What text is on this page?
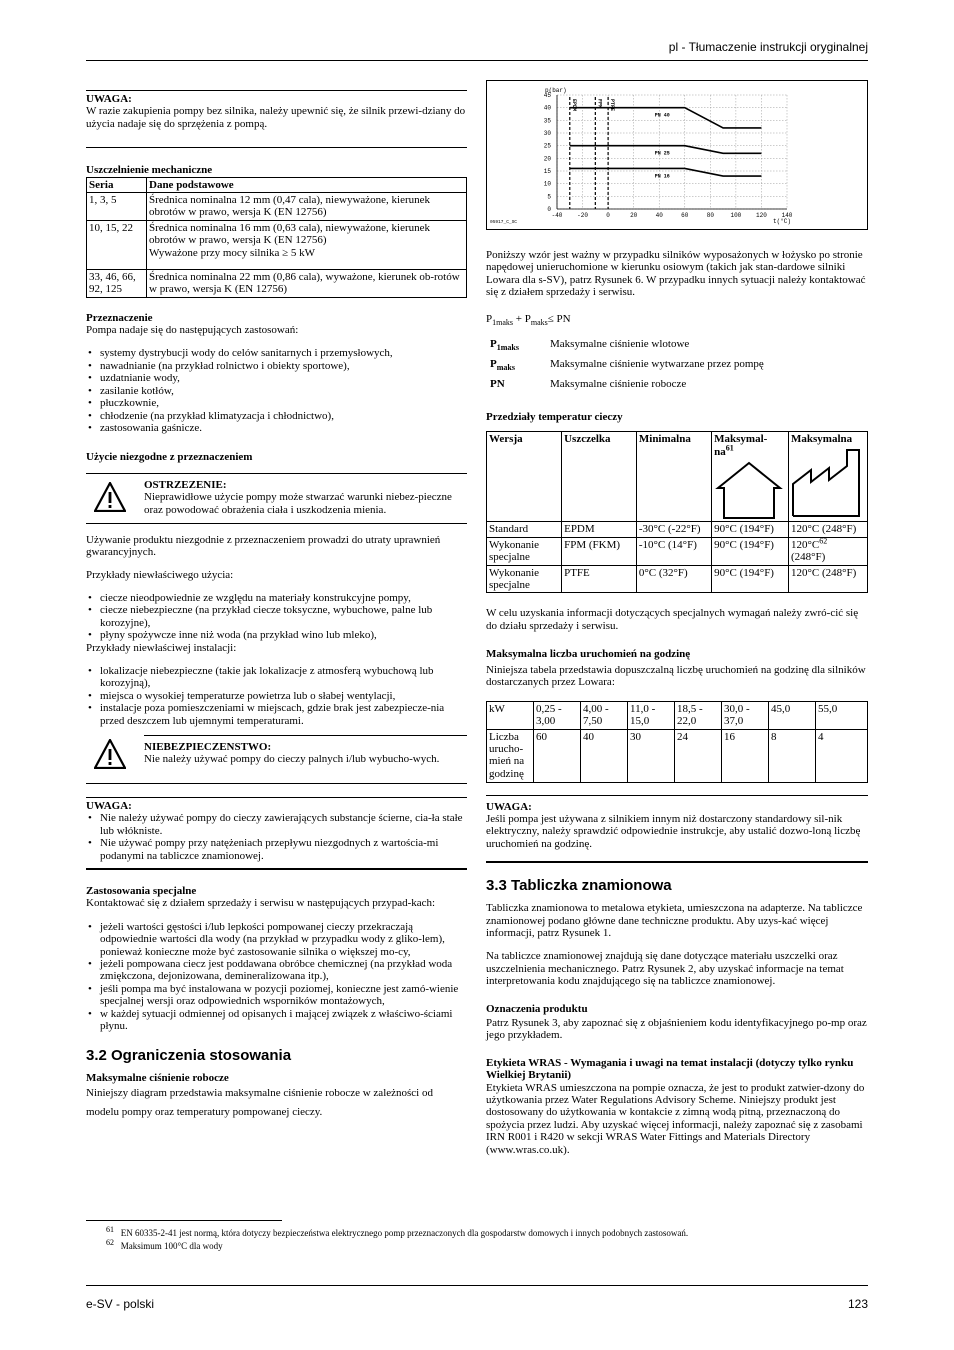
pl - Tłumaczenie instrukcji oryginalnej

UWAGA:

W razie zakupienia pompy bez silnika, należy upewnić się, że silnik przewi-dziany do użycia nadaje się do sprzężenia z pompą.

Uszczelnienie mechaniczne

Seria	Dane podstawowe
1, 3, 5	Średnica nominalna 12 mm (0,47 cala), niewyważone, kierunek obrotów w prawo, wersja K (EN 12756)
10, 15, 22	Średnica nominalna 16 mm (0,63 cala), niewyważone, kierunek obrotów w prawo, wersja K (EN 12756)
Wyważone przy mocy silnika ≥ 5 kW

33, 46, 66, 92, 125	Średnica nominalna 22 mm (0,86 cala), wyważone, kierunek ob-rotów w prawo, wersja K (EN 12756)

Przeznaczenie

Pompa nadaje się do następujących zastosowań:

• systemy dystrybucji wody do celów sanitarnych i przemysłowych,
• nawadnianie (na przykład rolnictwo i obiekty sportowe),
• uzdatnianie wody,
• zasilanie kotłów,
• płuczkownie,
• chłodzenie (na przykład klimatyzacja i chłodnictwo),
• zastosowania gaśnicze.

Użycie niezgodne z przeznaczeniem

OSTRZEZENIE:

Nieprawidłowe użycie pompy może stwarzać warunki niebez-pieczne oraz powodować obrażenia ciała i uszkodzenia mienia.

Używanie produktu niezgodnie z przeznaczeniem prowadzi do utraty uprawnień gwarancyjnych.

Przykłady niewłaściwego użycia:

• ciecze nieodpowiednie ze względu na materiały konstrukcyjne pompy,
• ciecze niebezpieczne (na przykład ciecze toksyczne, wybuchowe, palne lub korozyjne),
• płyny spożywcze inne niż woda (na przykład wino lub mleko),

Przykłady niewłaściwej instalacji:

• lokalizacje niebezpieczne (takie jak lokalizacje z atmosferą wybuchową lub korozyjną),
• miejsca o wysokiej temperaturze powietrza lub o słabej wentylacji,
• instalacje poza pomieszczeniami w miejscach, gdzie brak jest zabezpiecze-nia przed deszczem lub ujemnymi temperaturami.

NIEBEZPIECZENSTWO:

Nie należy używać pompy do cieczy palnych i/lub wybucho-wych.

UWAGA:

• Nie należy używać pompy do cieczy zawierających substancje ścierne, cia-ła stałe lub włókniste.
• Nie używać pompy przy natężeniach przepływu niezgodnych z wartościa-mi podanymi na tabliczce znamionowej.

Zastosowania specjalne

Kontaktować się z działem sprzedaży i serwisu w następujących przypad-kach:

• jeżeli wartości gęstości i/lub lepkości pompowanej cieczy przekraczają odpowiednie wartości dla wody (na przykład w przypadku wody z gliko-lem), ponieważ konieczne może być zastosowanie silnika o większej mo-cy,
• jeżeli pompowana ciecz jest poddawana obróbce chemicznej (na przykład woda zmiękczona, dejonizowana, demineralizowana itp.),
• jeśli pompa ma być instalowana w pozycji poziomej, konieczne jest zamó-wienie specjalnej wersji oraz odpowiednich wsporników montażowych,
• w każdej sytuacji odmiennej od opisanych i mającej związek z właściwo-ściami płynu.
3.2 Ograniczenia stosowania

Maksymalne ciśnienie robocze

Niniejszy diagram przedstawia maksymalne ciśnienie robocze w zależności od modelu pompy oraz temperatury pompowanej cieczy.

0
5
10
15
20
25
30
35
40
45
-40 -20	0	20	40	60	80	100 120 140
p(bar)
t(°C)
05917_C_SC
EPDM	FPM PTFE
PN 40
PN 25
PN 16

Poniższy wzór jest ważny w przypadku silników wyposażonych w łożysko po stronie napędowej unieruchomione w kierunku osiowym (takich jak stan-dardowe silniki Lowara dla s-SV), patrz Rysunek 6. W przypadku innych sytuacji należy kontaktować się z działem sprzedaży i serwisu.

$P_{1maks} + P_{maks}\le$ PN

$P_{1maks}$	Maksymalne ciśnienie wlotowe
$P_{maks}$	Maksymalne ciśnienie wytwarzane przez pompę
PN	Maksymalne ciśnienie robocze

Przedziały temperatur cieczy

Wersja	Uszczelka	Minimalna	Maksymal-$na^{61}$	Maksymalna

Standard	EPDM	-30°C (-22°F)	90°C (194°F)	120°C (248°F)
Wykonanie specjalne	FPM (FKM)	-10°C (14°F)	90°C (194°F)	$120^\circ C^{62}$
(248°F)
Wykonanie specjalne	PTFE	0°C (32°F)	90°C (194°F)	120°C (248°F)

W celu uzyskania informacji dotyczących specjalnych wymagań należy zwró-cić się do działu sprzedaży i serwisu.

Maksymalna liczba uruchomień na godzinę

Niniejsza tabela przedstawia dopuszczalną liczbę uruchomień na godzinę dla silników dostarczanych przez Lowara:

kW	0,25 - 3,00	4,00 - 7,50	11,0 - 15,0	18,5 - 22,0	30,0 - 37,0	45,0	55,0
Liczba urucho-mień na godzinę	60	40	30	24	16	8	4

UWAGA:

Jeśli pompa jest używana z silnikiem innym niż dostarczony standardowy sil-nik elektryczny, należy sprawdzić odpowiednie instrukcje, aby ustalić dozwo-loną liczbę uruchomień na godzinę.

3.3 Tabliczka znamionowa

Tabliczka znamionowa to metalowa etykieta, umieszczona na adapterze. Na tabliczce znamionowej podano główne dane techniczne produktu. Aby uzys-kać więcej informacji, patrz Rysunek 1.

Na tabliczce znamionowej znajdują się dane dotyczące materiału uszczelki oraz uszczelnienia mechanicznego. Patrz Rysunek 2, aby uzyskać informacje na temat interpretowania kodu znajdującego się na tabliczce znamionowej.

Oznaczenia produktu

Patrz Rysunek 3, aby zapoznać się z objaśnieniem kodu identyfikacyjnego po-mp oraz jego przykładem.

Etykieta WRAS - Wymagania i uwagi na temat instalacji (dotyczy tylko rynku Wielkiej Brytanii)

Etykieta WRAS umieszczona na pompie oznacza, że jest to produkt zatwier-dzony do użytkowania przez Water Regulations Advisory Scheme. Niniejszy produkt jest dostosowany do użytkowania w kontakcie z zimną wodą pitną, przeznaczoną do spożycia przez ludzi. Aby uzyskać więcej informacji, należy zapoznać się z zasobami IRN R001 i R420 w sekcji WRAS Water Fittings and Materials Directory (www.wras.co.uk).

$^{61}$ EN 60335-2-41 jest normą, która dotyczy bezpieczeństwa elektrycznego pomp przeznaczonych dla gospodarstw domowych i innych podobnych zastosowań.
$^{62}$ Maksimum 100°C dla wody
e-SV - polski	123
